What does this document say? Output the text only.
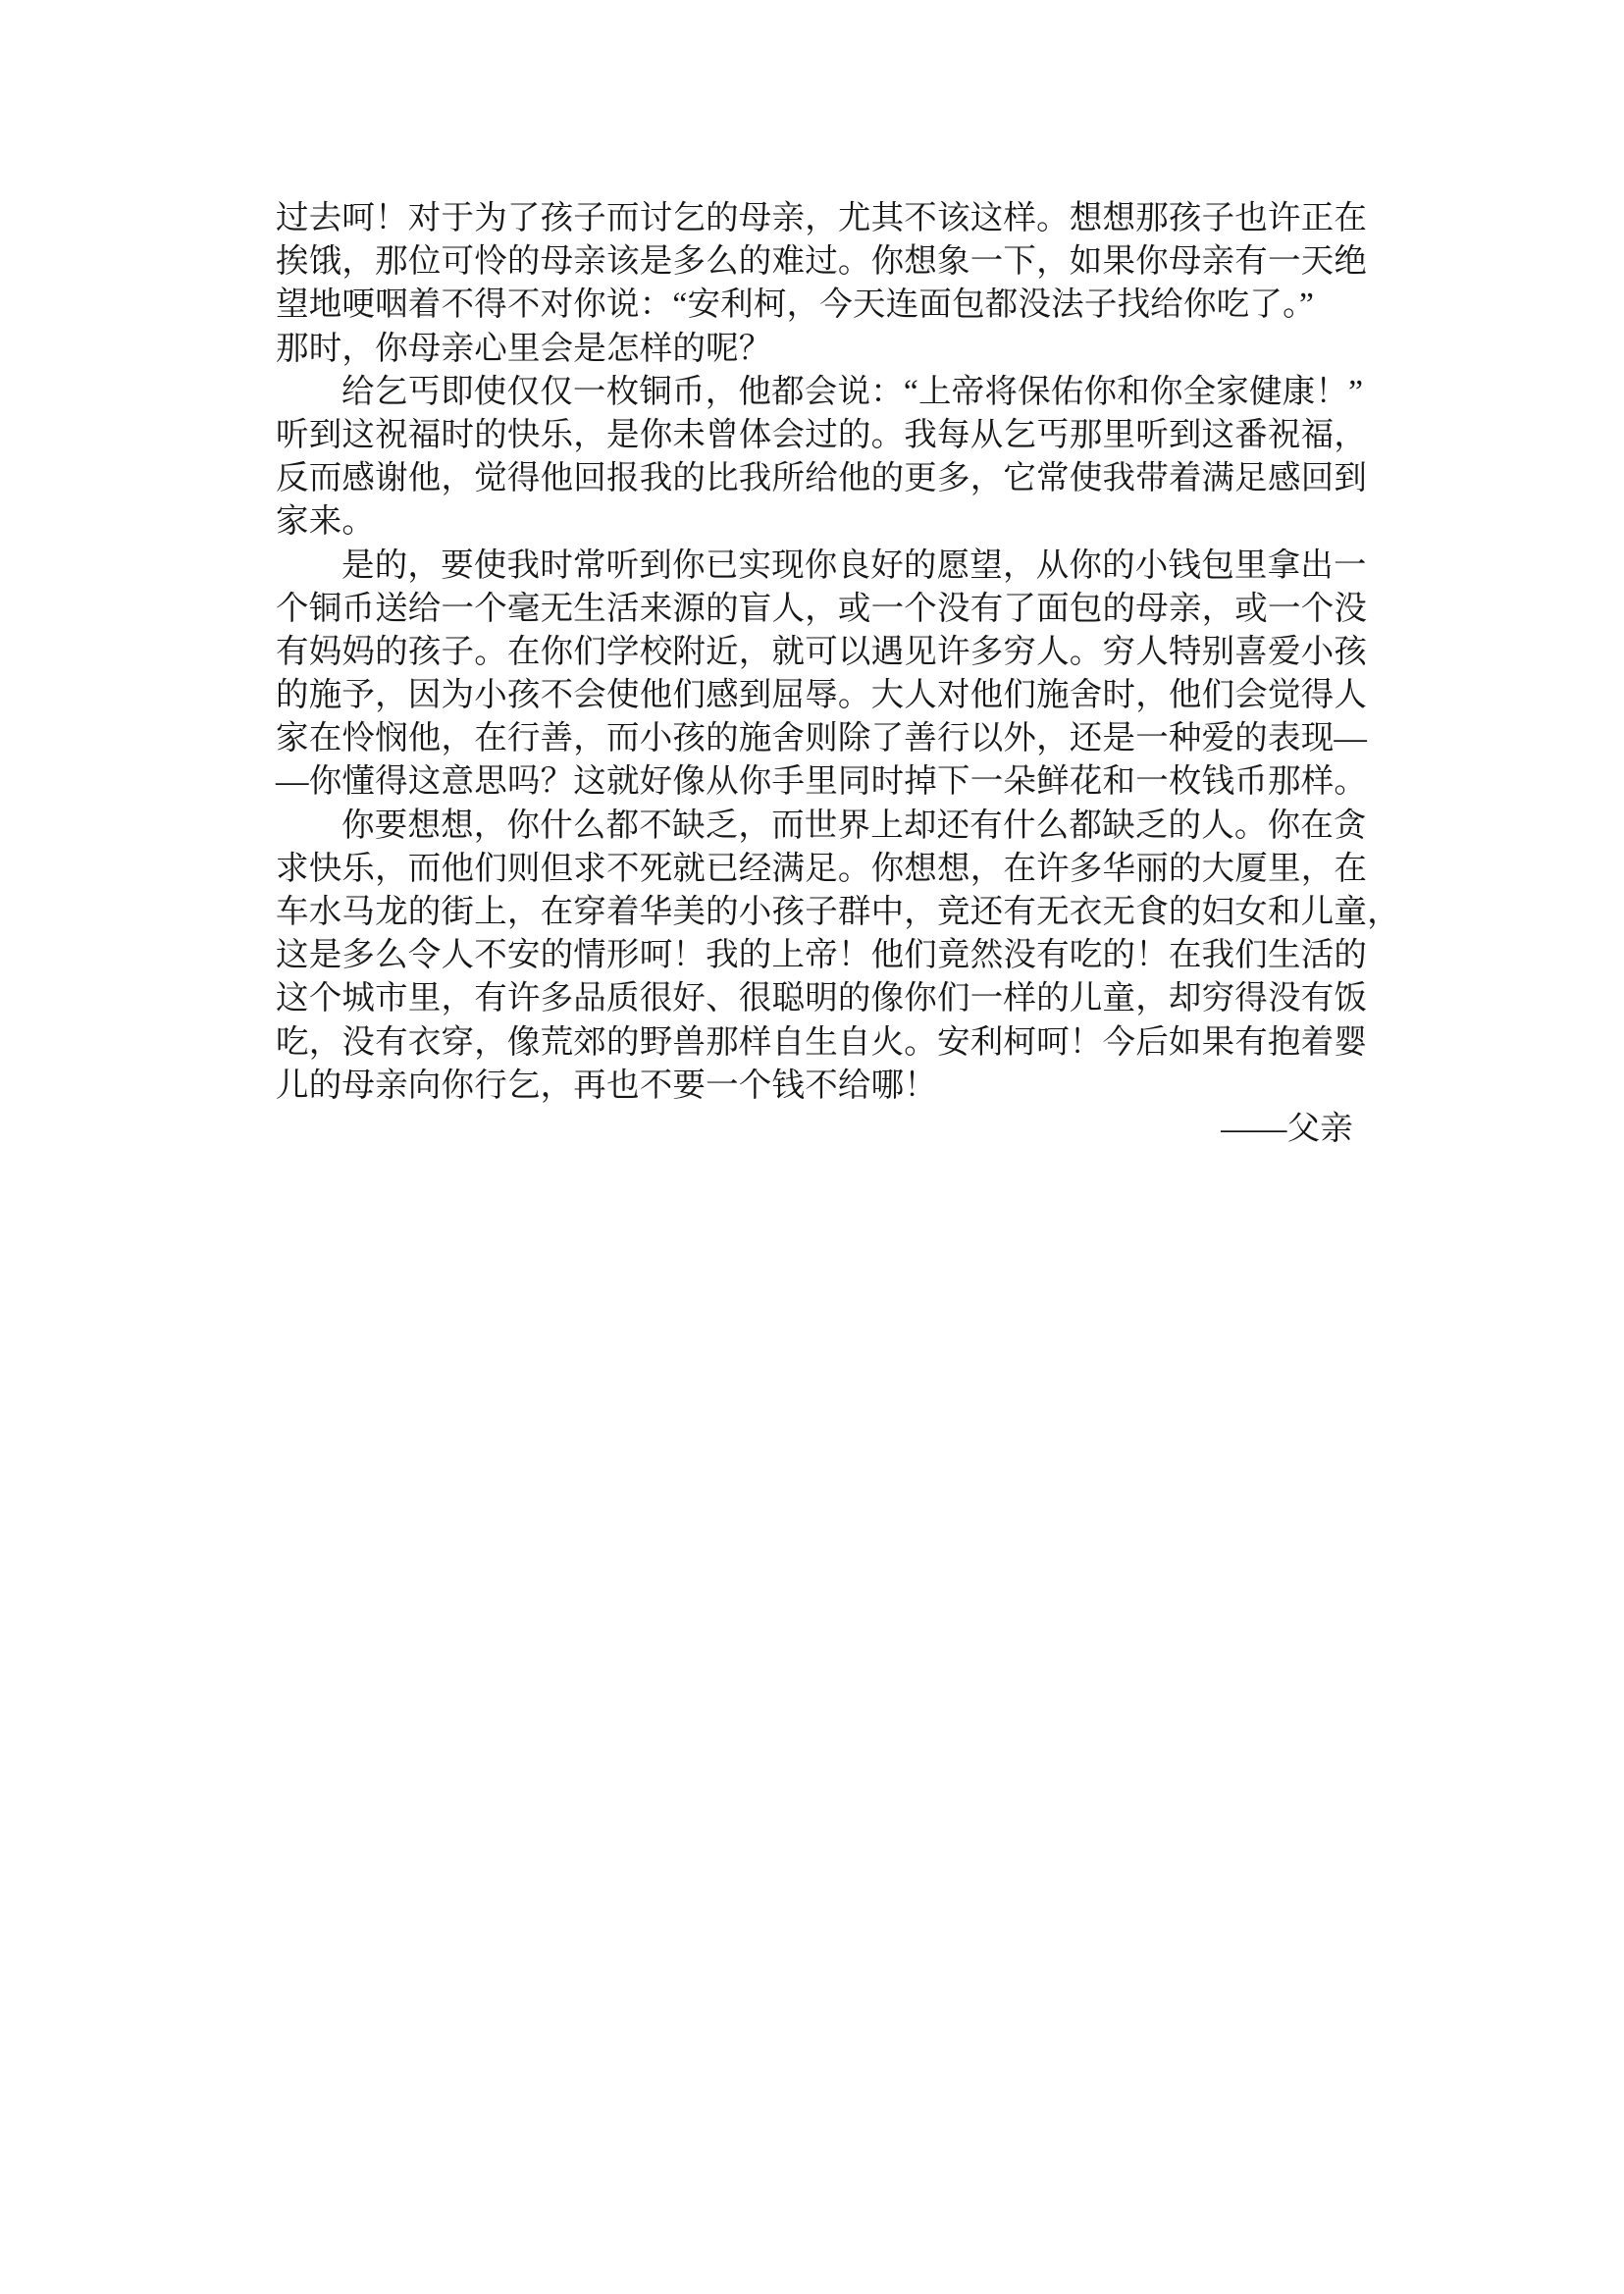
过去呵！对于为了孩子而讨乞的母亲，尤其不该这样。想想那孩子也许正在
挨饿，那位可怜的母亲该是多么的难过。你想象一下，如果你母亲有一天绝
望地哽咽着不得不对你说：“安利柯，今天连面包都没法子找给你吃了。”
那时，你母亲心里会是怎样的呢？
给乞丐即使仅仅一枚铜币，他都会说：“上帝将保佑你和你全家健康！”
听到这祝福时的快乐，是你未曾体会过的。我每从乞丐那里听到这番祝福，
反而感谢他，觉得他回报我的比我所给他的更多，它常使我带着满足感回到
家来。
是的，要使我时常听到你已实现你良好的愿望，从你的小钱包里拿出一
个铜币送给一个毫无生活来源的盲人，或一个没有了面包的母亲，或一个没
有妈妈的孩子。在你们学校附近，就可以遇见许多穷人。穷人特别喜爱小孩
的施予，因为小孩不会使他们感到屈辱。大人对他们施舍时，他们会觉得人
家在怜悯他，在行善，而小孩的施舍则除了善行以外，还是一种爱的表现—
—你懂得这意思吗？这就好像从你手里同时掉下一朵鲜花和一枚钱币那样。
你要想想，你什么都不缺乏，而世界上却还有什么都缺乏的人。你在贪
求快乐，而他们则但求不死就已经满足。你想想，在许多华丽的大厦里，在
车水马龙的街上，在穿着华美的小孩子群中，竞还有无衣无食的妇女和儿童，
这是多么令人不安的情形呵！我的上帝！他们竟然没有吃的！在我们生活的
这个城市里，有许多品质很好、很聪明的像你们一样的儿童，却穷得没有饭
吃，没有衣穿，像荒郊的野兽那样自生自火。安利柯呵！今后如果有抱着婴
儿的母亲向你行乞，再也不要一个钱不给哪！
——父亲
